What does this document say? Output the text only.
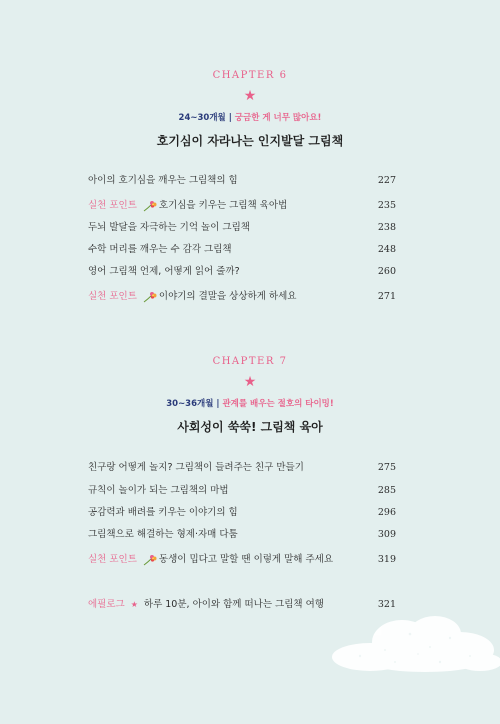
CHAPTER 6
★
24~30개월 | 궁금한 게 너무 많아요!
호기심이 자라나는 인지발달 그림책
아이의 호기심을 깨우는 그림책의 힘	227
실천 포인트 호기심을 키우는 그림책 육아법	235
두뇌 발달을 자극하는 기억 놀이 그림책	238
수학 머리를 깨우는 수 감각 그림책	248
영어 그림책 언제, 어떻게 읽어 줄까?	260
실천 포인트 이야기의 결말을 상상하게 하세요	271
CHAPTER 7
★
30~36개월 | 관계를 배우는 절호의 타이밍!
사회성이 쑥쑥! 그림책 육아
친구랑 어떻게 놀지? 그림책이 들려주는 친구 만들기	275
규칙이 놀이가 되는 그림책의 마법	285
공감력과 배려를 키우는 이야기의 힘	296
그림책으로 해결하는 형제·자매 다툼	309
실천 포인트 동생이 밉다고 말할 땐 이렇게 말해 주세요	319
에필로그 ★ 하루 10분, 아이와 함께 떠나는 그림책 여행	321
